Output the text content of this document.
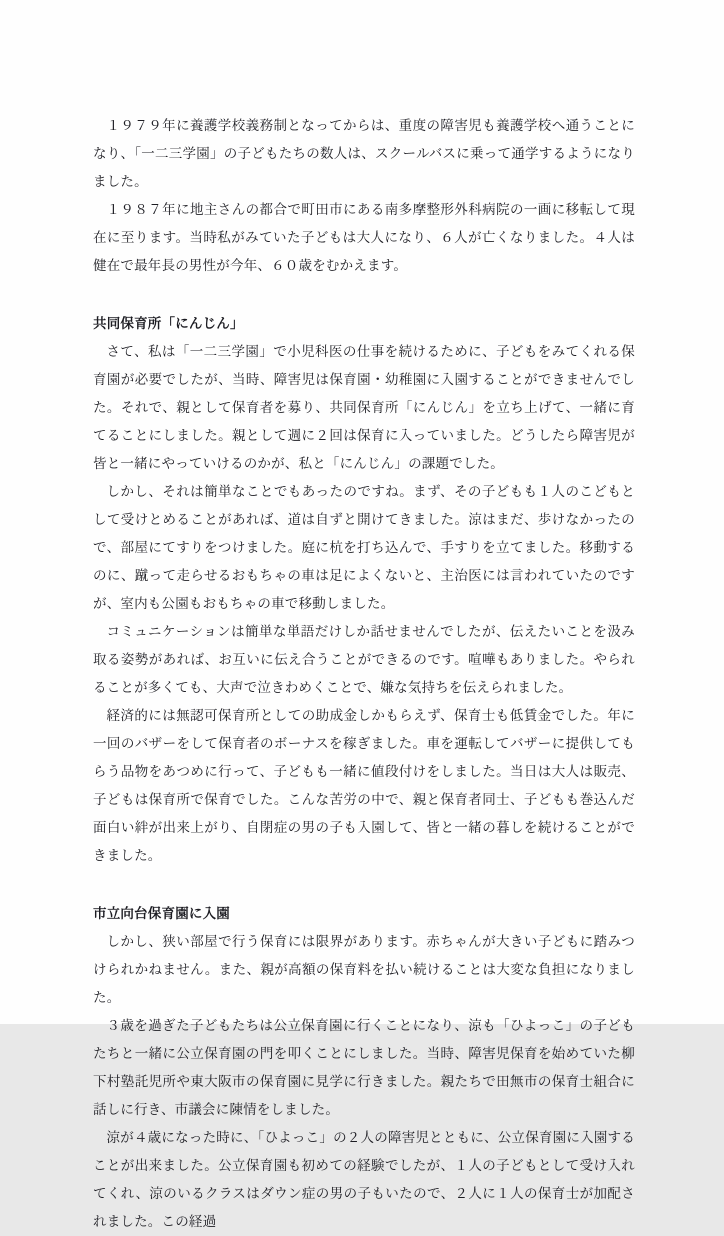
１９７９年に養護学校義務制となってからは、重度の障害児も養護学校へ通うことになり、「一二三学園」の子どもたちの数人は、スクールバスに乗って通学するようになりました。

１９８７年に地主さんの都合で町田市にある南多摩整形外科病院の一画に移転して現在に至ります。当時私がみていた子どもは大人になり、６人が亡くなりました。４人は健在で最年長の男性が今年、６０歳をむかえます。

共同保育所「にんじん」

さて、私は「一二三学園」で小児科医の仕事を続けるために、子どもをみてくれる保育園が必要でしたが、当時、障害児は保育園・幼稚園に入園することができませんでした。それで、親として保育者を募り、共同保育所「にんじん」を立ち上げて、一緒に育てることにしました。親として週に２回は保育に入っていました。どうしたら障害児が皆と一緒にやっていけるのかが、私と「にんじん」の課題でした。

しかし、それは簡単なことでもあったのですね。まず、その子どもも１人のこどもとして受けとめることがあれば、道は自ずと開けてきました。涼はまだ、歩けなかったので、部屋にてすりをつけました。庭に杭を打ち込んで、手すりを立てました。移動するのに、蹴って走らせるおもちゃの車は足によくないと、主治医には言われていたのですが、室内も公園もおもちゃの車で移動しました。

コミュニケーションは簡単な単語だけしか話せませんでしたが、伝えたいことを汲み取る姿勢があれば、お互いに伝え合うことができるのです。喧嘩もありました。やられることが多くても、大声で泣きわめくことで、嫌な気持ちを伝えられました。

経済的には無認可保育所としての助成金しかもらえず、保育士も低賃金でした。年に一回のバザーをして保育者のボーナスを稼ぎました。車を運転してバザーに提供してもらう品物をあつめに行って、子どもも一緒に値段付けをしました。当日は大人は販売、子どもは保育所で保育でした。こんな苦労の中で、親と保育者同士、子どもも巻込んだ面白い絆が出来上がり、自閉症の男の子も入園して、皆と一緒の暮しを続けることができました。

市立向台保育園に入園

しかし、狭い部屋で行う保育には限界があります。赤ちゃんが大きい子どもに踏みつけられかねません。また、親が高額の保育料を払い続けることは大変な負担になりました。

３歳を過ぎた子どもたちは公立保育園に行くことになり、涼も「ひよっこ」の子どもたちと一緒に公立保育園の門を叩くことにしました。当時、障害児保育を始めていた柳下村塾託児所や東大阪市の保育園に見学に行きました。親たちで田無市の保育士組合に話しに行き、市議会に陳情をしました。

涼が４歳になった時に、「ひよっこ」の２人の障害児とともに、公立保育園に入園することが出来ました。公立保育園も初めての経験でしたが、１人の子どもとして受け入れてくれ、涼のいるクラスはダウン症の男の子もいたので、２人に１人の保育士が加配されました。この経過
